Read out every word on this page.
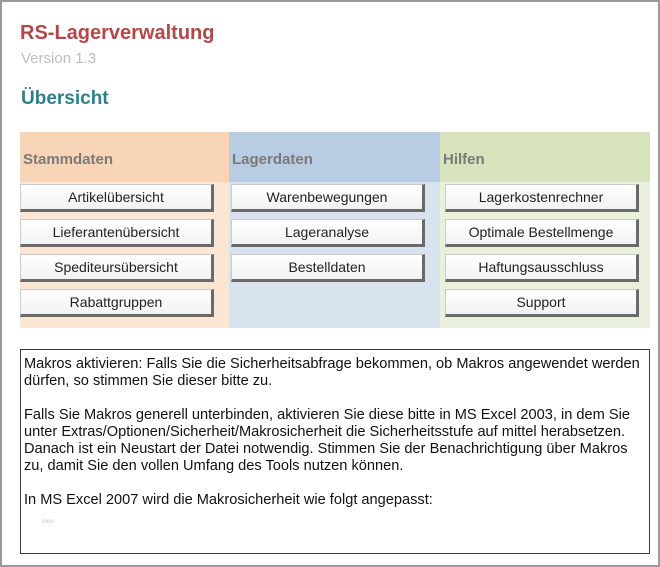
RS-Lagerverwaltung
Version 1.3
Übersicht
Stammdaten
Artikelübersicht
Lieferantenübersicht
Spediteursübersicht
Rabattgruppen
Lagerdaten
Warenbewegungen
Lageranalyse
Bestelldaten
Hilfen
Lagerkostenrechner
Optimale Bestellmenge
Haftungsausschluss
Support

Makros aktivieren: Falls Sie die Sicherheitsabfrage bekommen, ob Makros angewendet werden dürfen, so stimmen Sie dieser bitte zu.

Falls Sie Makros generell unterbinden, aktivieren Sie diese bitte in MS Excel 2003, in dem Sie unter Extras/Optionen/Sicherheit/Makrosicherheit die Sicherheitsstufe auf mittel herabsetzen. Danach ist ein Neustart der Datei notwendig. Stimmen Sie der Benachrichtigung über Makros zu, damit Sie den vollen Umfang des Tools nutzen können.

In MS Excel 2007 wird die Makrosicherheit wie folgt angepasst:

Idee
